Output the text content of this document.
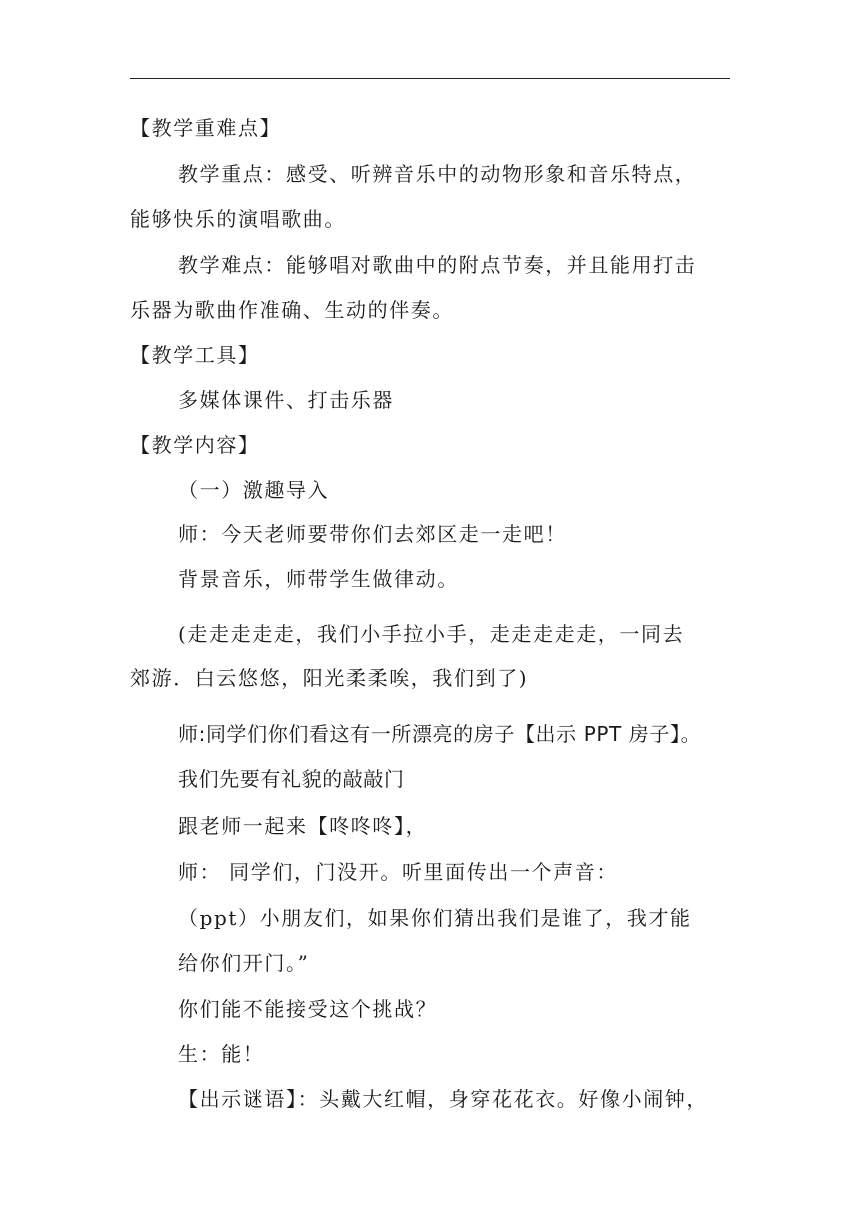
【教学重难点】
教学重点：感受、听辨音乐中的动物形象和音乐特点，
能够快乐的演唱歌曲。
教学难点：能够唱对歌曲中的附点节奏，并且能用打击
乐器为歌曲作准确、生动的伴奏。
【教学工具】
多媒体课件、打击乐器
【教学内容】
（一）激趣导入
师：今天老师要带你们去郊区走一走吧！
背景音乐，师带学生做律动。
(走走走走走，我们小手拉小手，走走走走走，一同去
郊游．白云悠悠，阳光柔柔唉，我们到了)
师:同学们你们看这有一所漂亮的房子【出示 PPT 房子】。
我们先要有礼貌的敲敲门
跟老师一起来【咚咚咚】，
师： 同学们，门没开。听里面传出一个声音：
（ppt）小朋友们，如果你们猜出我们是谁了，我才能
给你们开门。”
你们能不能接受这个挑战？
生：能！
【出示谜语】：头戴大红帽，身穿花花衣。好像小闹钟，
